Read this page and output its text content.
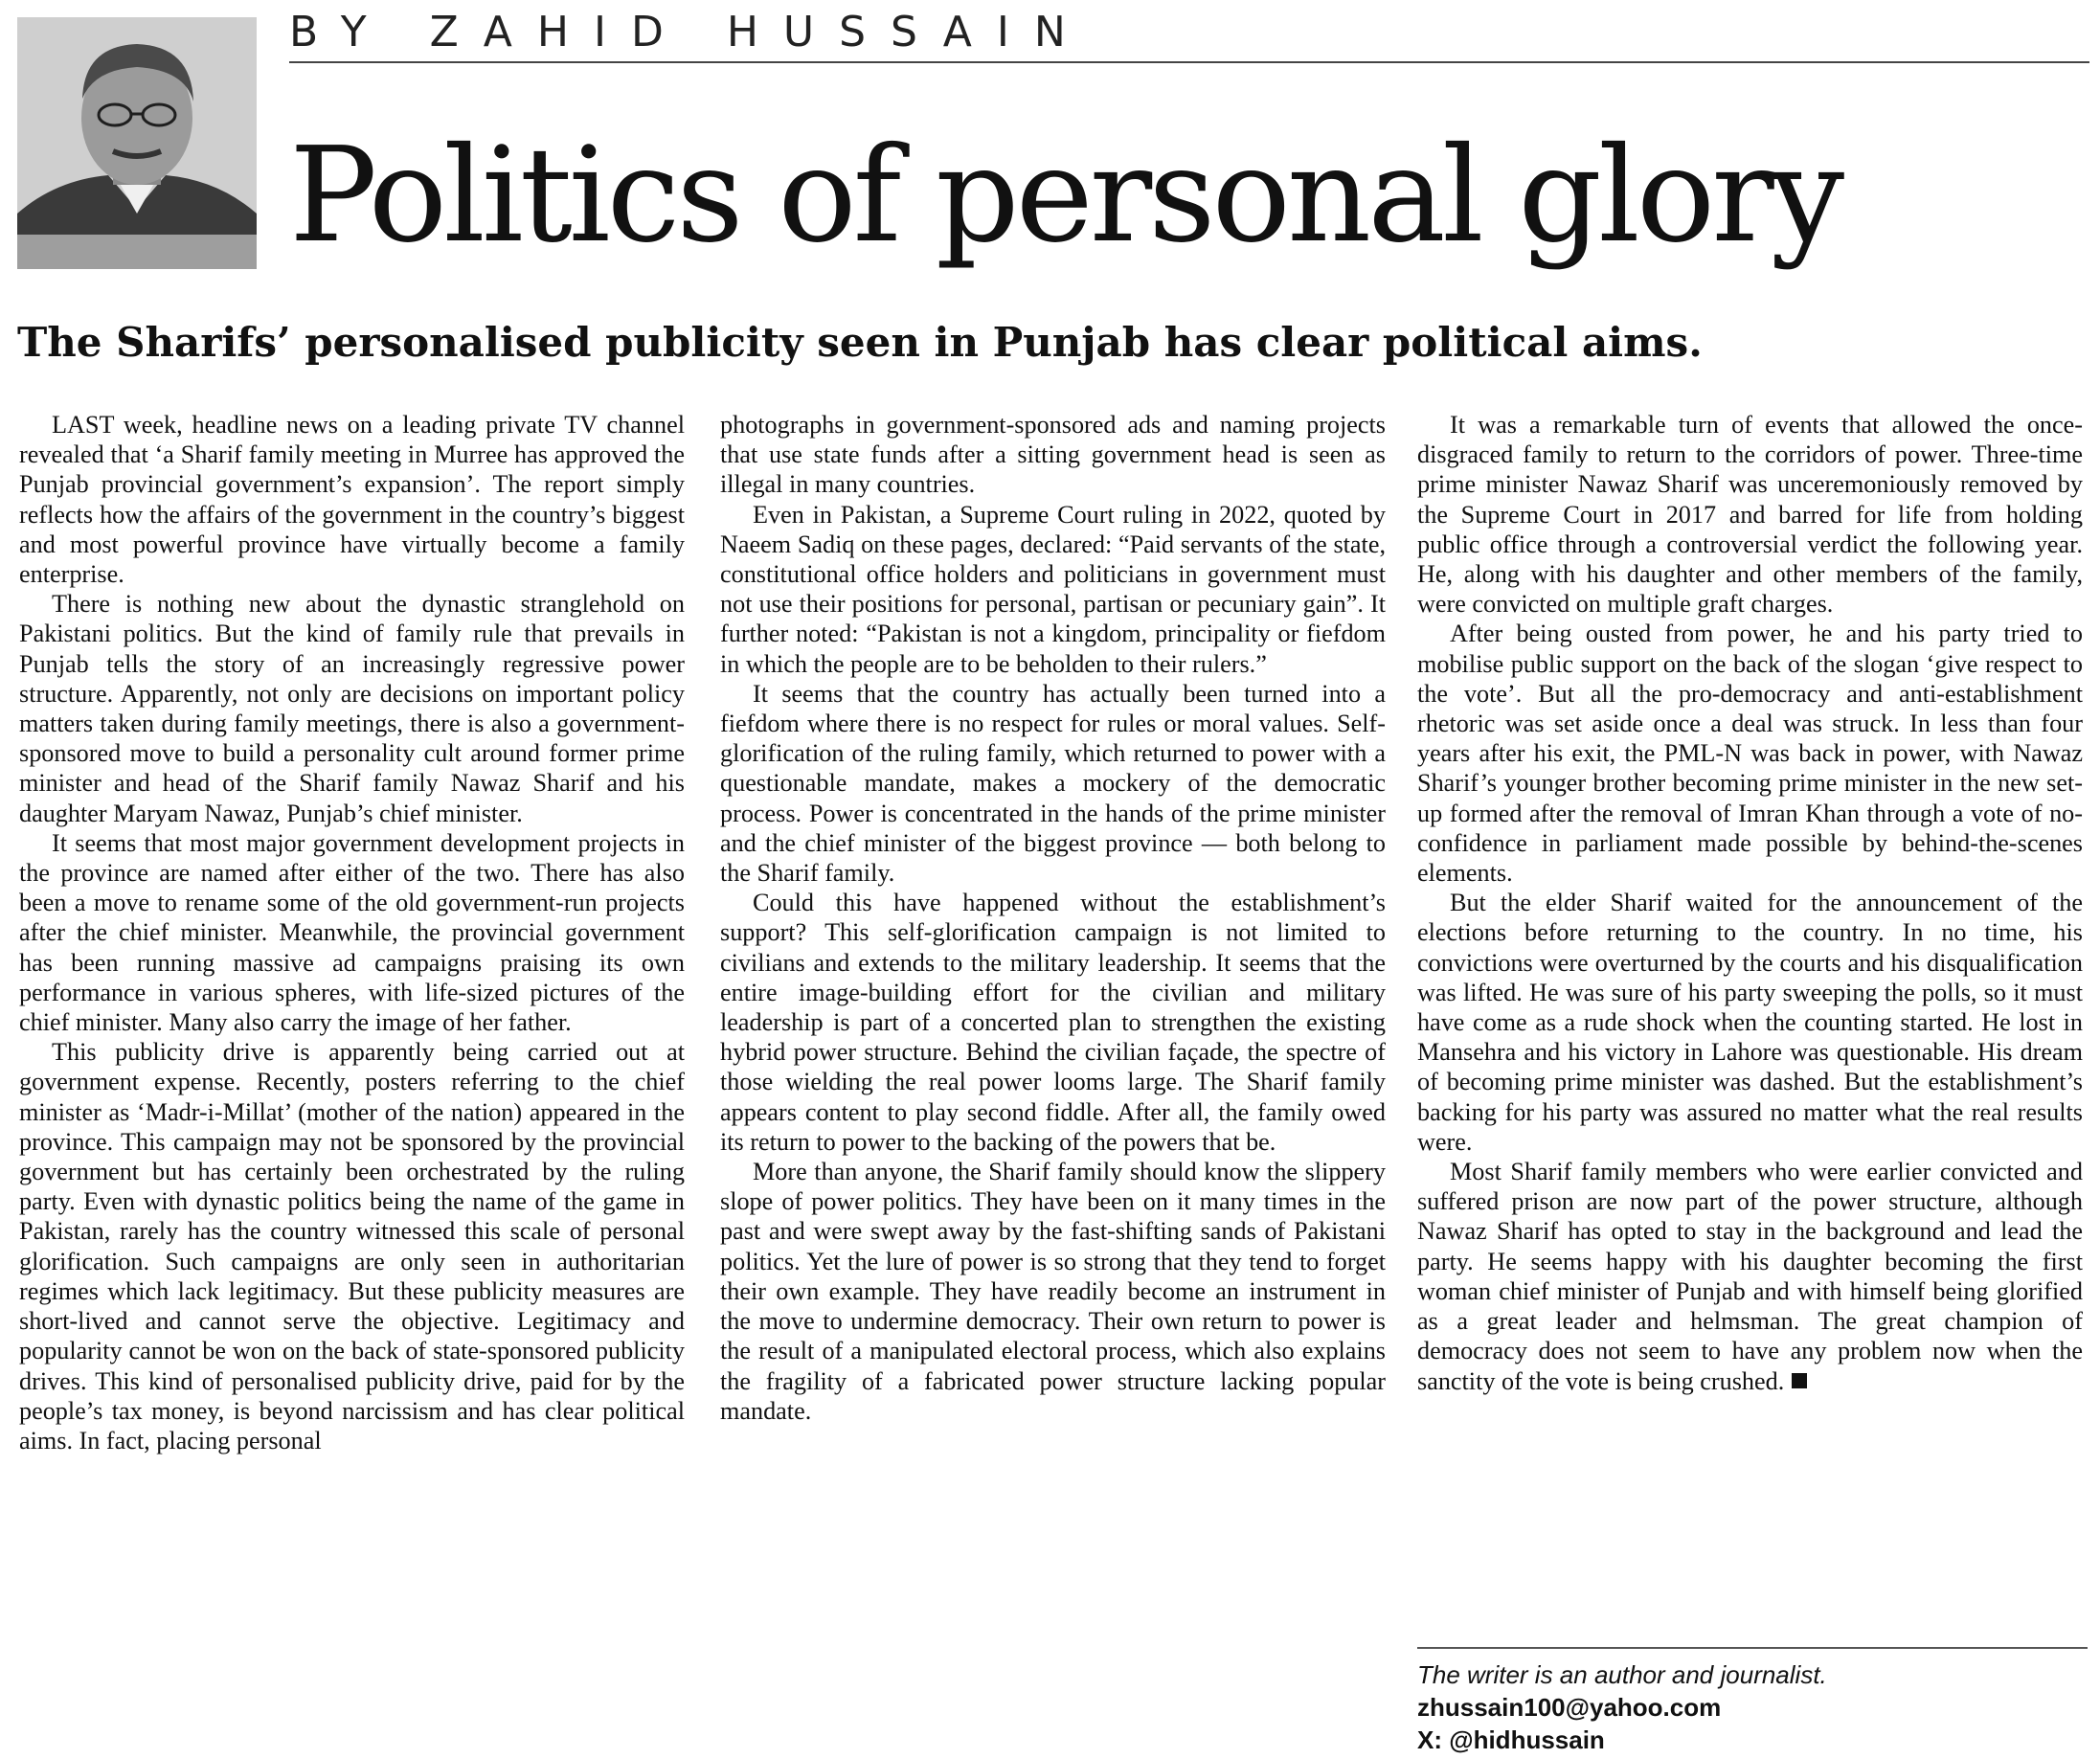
BY ZAHID HUSSAIN
Politics of personal glory
The Sharifs’ personalised publicity seen in Punjab has clear political aims.

LAST week, headline news on a leading private TV channel revealed that ‘a Sharif family meeting in Murree has approved the Punjab provincial government’s expansion’. The report simply reflects how the affairs of the government in the country’s biggest and most powerful province have virtually become a family enterprise.

There is nothing new about the dynastic stranglehold on Pakistani politics. But the kind of family rule that prevails in Punjab tells the story of an increasingly regressive power structure. Apparently, not only are decisions on important policy matters taken during family meetings, there is also a government-sponsored move to build a personality cult around former prime minister and head of the Sharif family Nawaz Sharif and his daughter Maryam Nawaz, Punjab’s chief minister.

It seems that most major government development projects in the province are named after either of the two. There has also been a move to rename some of the old government-run projects after the chief minister. Meanwhile, the provincial government has been running massive ad campaigns praising its own performance in various spheres, with life-sized pictures of the chief minister. Many also carry the image of her father.

This publicity drive is apparently being carried out at government expense. Recently, posters referring to the chief minister as ‘Madr-i-Millat’ (mother of the nation) appeared in the province. This campaign may not be sponsored by the provincial government but has certainly been orchestrated by the ruling party. Even with dynastic politics being the name of the game in Pakistan, rarely has the country witnessed this scale of personal glorification. Such campaigns are only seen in authoritarian regimes which lack legitimacy. But these publicity measures are short-lived and cannot serve the objective. Legitimacy and popularity cannot be won on the back of state-sponsored publicity drives. This kind of personalised publicity drive, paid for by the people’s tax money, is beyond narcissism and has clear political aims. In fact, placing personal

photographs in government-sponsored ads and naming projects that use state funds after a sitting government head is seen as illegal in many countries.

Even in Pakistan, a Supreme Court ruling in 2022, quoted by Naeem Sadiq on these pages, declared: “Paid servants of the state, constitutional office holders and politicians in government must not use their positions for personal, partisan or pecuniary gain”. It further noted: “Pakistan is not a kingdom, principality or fiefdom in which the people are to be beholden to their rulers.”

It seems that the country has actually been turned into a fiefdom where there is no respect for rules or moral values. Self-glorification of the ruling family, which returned to power with a questionable mandate, makes a mockery of the democratic process. Power is concentrated in the hands of the prime minister and the chief minister of the biggest province — both belong to the Sharif family.

Could this have happened without the establishment’s support? This self-glorification campaign is not limited to civilians and extends to the military leadership. It seems that the entire image-building effort for the civilian and military leadership is part of a concerted plan to strengthen the existing hybrid power structure. Behind the civilian façade, the spectre of those wielding the real power looms large. The Sharif family appears content to play second fiddle. After all, the family owed its return to power to the backing of the powers that be.

More than anyone, the Sharif family should know the slippery slope of power politics. They have been on it many times in the past and were swept away by the fast-shifting sands of Pakistani politics. Yet the lure of power is so strong that they tend to forget their own example. They have readily become an instrument in the move to undermine democracy. Their own return to power is the result of a manipulated electoral process, which also explains the fragility of a fabricated power structure lacking popular mandate.

It was a remarkable turn of events that allowed the once-disgraced family to return to the corridors of power. Three-time prime minister Nawaz Sharif was unceremoniously removed by the Supreme Court in 2017 and barred for life from holding public office through a controversial verdict the following year. He, along with his daughter and other members of the family, were convicted on multiple graft charges.

After being ousted from power, he and his party tried to mobilise public support on the back of the slogan ‘give respect to the vote’. But all the pro-democracy and anti-establishment rhetoric was set aside once a deal was struck. In less than four years after his exit, the PML-N was back in power, with Nawaz Sharif’s younger brother becoming prime minister in the new set-up formed after the removal of Imran Khan through a vote of no-confidence in parliament made possible by behind-the-scenes elements.

But the elder Sharif waited for the announcement of the elections before returning to the country. In no time, his convictions were overturned by the courts and his disqualification was lifted. He was sure of his party sweeping the polls, so it must have come as a rude shock when the counting started. He lost in Mansehra and his victory in Lahore was questionable. His dream of becoming prime minister was dashed. But the establishment’s backing for his party was assured no matter what the real results were.

Most Sharif family members who were earlier convicted and suffered prison are now part of the power structure, although Nawaz Sharif has opted to stay in the background and lead the party. He seems happy with his daughter becoming the first woman chief minister of Punjab and with himself being glorified as a great leader and helmsman. The great champion of democracy does not seem to have any problem now when the sanctity of the vote is being crushed.

The writer is an author and journalist.
zhussain100@yahoo.com
X: @hidhussain
